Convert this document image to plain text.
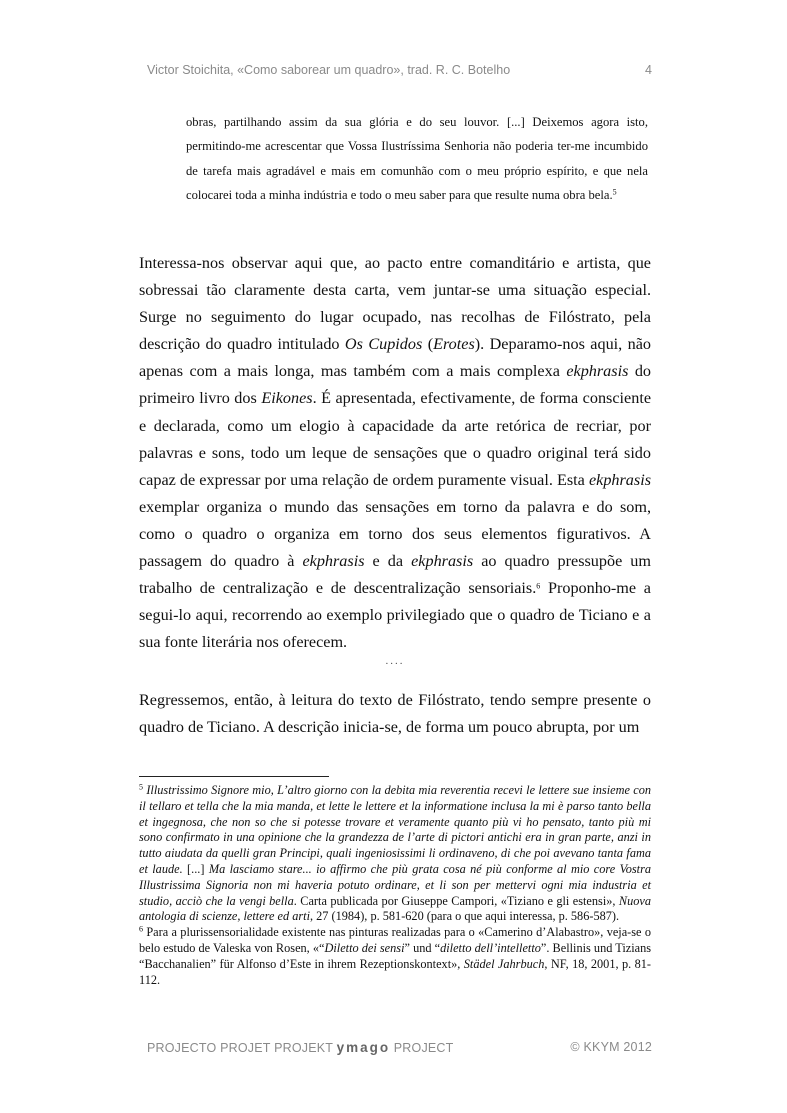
Victor Stoichita, «Como saborear um quadro», trad. R. C. Botelho	4
obras, partilhando assim da sua glória e do seu louvor. [...] Deixemos agora isto, permitindo-me acrescentar que Vossa Ilustríssima Senhoria não poderia ter-me incumbido de tarefa mais agradável e mais em comunhão com o meu próprio espírito, e que nela colocarei toda a minha indústria e todo o meu saber para que resulte numa obra bela.$^5$

Interessa-nos observar aqui que, ao pacto entre comanditário e artista, que sobressai tão claramente desta carta, vem juntar-se uma situação especial. Surge no seguimento do lugar ocupado, nas recolhas de Filóstrato, pela descrição do quadro intitulado Os Cupidos (Erotes). Deparamo-nos aqui, não apenas com a mais longa, mas também com a mais complexa ekphrasis do primeiro livro dos Eikones. É apresentada, efectivamente, de forma consciente e declarada, como um elogio à capacidade da arte retórica de recriar, por palavras e sons, todo um leque de sensações que o quadro original terá sido capaz de expressar por uma relação de ordem puramente visual. Esta ekphrasis exemplar organiza o mundo das sensações em torno da palavra e do som, como o quadro o organiza em torno dos seus elementos figurativos. A passagem do quadro à ekphrasis e da ekphrasis ao quadro pressupõe um trabalho de centralização e de descentralização sensoriais.$^6$ Proponho-me a segui-lo aqui, recorrendo ao exemplo privilegiado que o quadro de Ticiano e a sua fonte literária nos oferecem.

....
Regressemos, então, à leitura do texto de Filóstrato, tendo sempre presente o quadro de Ticiano. A descrição inicia-se, de forma um pouco abrupta, por um

$^5$ Illustrissimo Signore mio, L’altro giorno con la debita mia reverentia recevi le lettere sue insieme con il tellaro et tella che la mia manda, et lette le lettere et la informatione inclusa la mi è parso tanto bella et ingegnosa, che non so che si potesse trovare et veramente quanto più vi ho pensato, tanto più mi sono confirmato in una opinione che la grandezza de l’arte di pictori antichi era in gran parte, anzi in tutto aiudata da quelli gran Principi, quali ingeniosissimi li ordinaveno, di che poi avevano tanta fama et laude. [...] Ma lasciamo stare... io affirmo che più grata cosa né più conforme al mio core Vostra Illustrissima Signoria non mi haveria potuto ordinare, et li son per mettervi ogni mia industria et studio, acciò che la vengi bella. Carta publicada por Giuseppe Campori, «Tiziano e gli estensi», Nuova antologia di scienze, lettere ed arti, 27 (1984), p. 581-620 (para o que aqui interessa, p. 586-587).

$^6$ Para a plurissensorialidade existente nas pinturas realizadas para o «Camerino d’Alabastro», veja-se o belo estudo de Valeska von Rosen, «“Diletto dei sensi” und “diletto dell’intelletto”. Bellinis und Tizians “Bacchanalien” für Alfonso d’Este in ihrem Rezeptionskontext», Städel Jahrbuch, NF, 18, 2001, p. 81-112.

PROJECTO PROJET PROJEKT ymago PROJECT	© KKYM 2012
